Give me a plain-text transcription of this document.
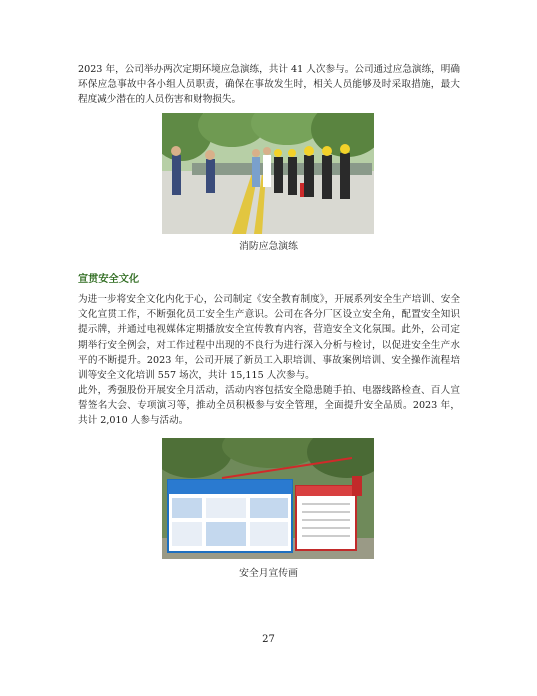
2023 年，公司举办两次定期环境应急演练，共计 41 人次参与。公司通过应急演练，明确环保应急事故中各小组人员职责，确保在事故发生时，相关人员能够及时采取措施，最大程度减少潜在的人员伤害和财物损失。

消防应急演练
宣贯安全文化

为进一步将安全文化内化于心，公司制定《安全教育制度》，开展系列安全生产培训、安全文化宣贯工作，不断强化员工安全生产意识。公司在各分厂区设立安全角，配置安全知识提示牌，并通过电视媒体定期播放安全宣传教育内容，营造安全文化氛围。此外，公司定期举行安全例会，对工作过程中出现的不良行为进行深入分析与检讨，以促进安全生产水平的不断提升。2023 年，公司开展了新员工入职培训、事故案例培训、安全操作流程培训等安全文化培训 557 场次，共计 15,115 人次参与。

此外，秀强股份开展安全月活动，活动内容包括安全隐患随手拍、电器线路检查、百人宣誓签名大会、专项演习等，推动全员积极参与安全管理，全面提升安全品质。2023 年，共计 2,010 人参与活动。

安全月宣传画
27
